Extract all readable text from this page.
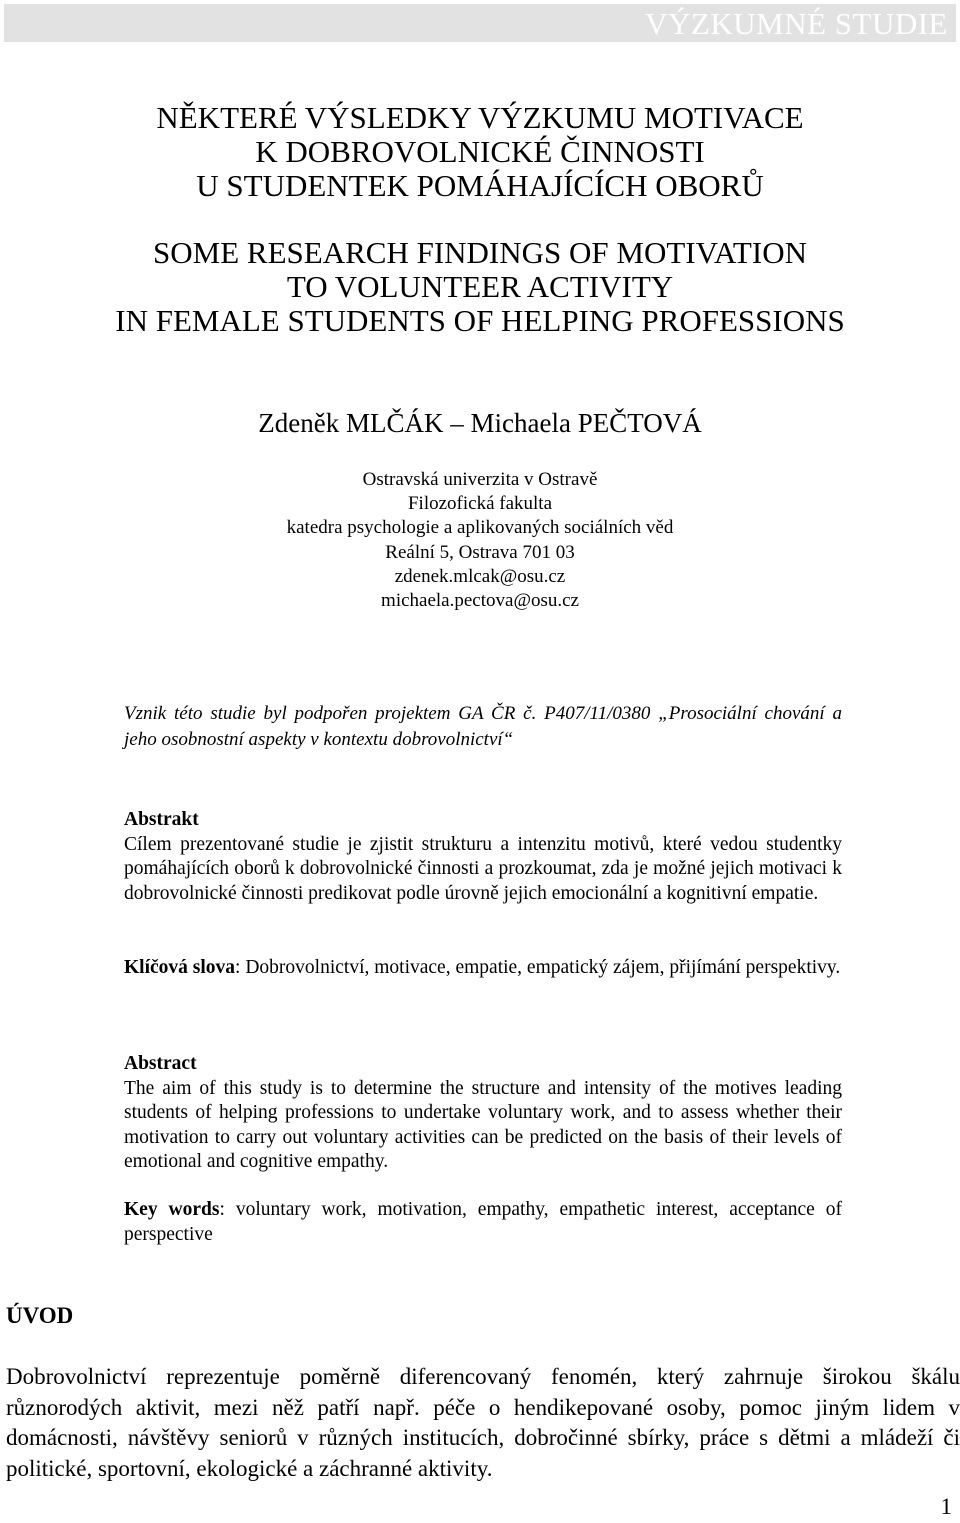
VÝZKUMNÉ STUDIE
NĚKTERÉ VÝSLEDKY VÝZKUMU MOTIVACE
K DOBROVOLNICKÉ ČINNOSTI
U STUDENTEK POMÁHAJÍCÍCH OBORŮ
SOME RESEARCH FINDINGS OF MOTIVATION
TO VOLUNTEER ACTIVITY
IN FEMALE STUDENTS OF HELPING PROFESSIONS
Zdeněk MLČÁK – Michaela PEČTOVÁ
Ostravská univerzita v Ostravě
Filozofická fakulta
katedra psychologie a aplikovaných sociálních věd
Reální 5, Ostrava 701 03
zdenek.mlcak@osu.cz
michaela.pectova@osu.cz
Vznik této studie byl podpořen projektem GA ČR č. P407/11/0380 „Prosociální chování a jeho osobnostní aspekty v kontextu dobrovolnictví“
Abstrakt
Cílem prezentované studie je zjistit strukturu a intenzitu motivů, které vedou studentky pomáhajících oborů k dobrovolnické činnosti a prozkoumat, zda je možné jejich motivaci k dobrovolnické činnosti predikovat podle úrovně jejich emocionální a kognitivní empatie.
Klíčová slova: Dobrovolnictví, motivace, empatie, empatický zájem, přijímání perspektivy.
Abstract
The aim of this study is to determine the structure and intensity of the motives leading students of helping professions to undertake voluntary work, and to assess whether their motivation to carry out voluntary activities can be predicted on the basis of their levels of emotional and cognitive empathy.
Key words: voluntary work, motivation, empathy, empathetic interest, acceptance of perspective
ÚVOD
Dobrovolnictví reprezentuje poměrně diferencovaný fenomén, který zahrnuje širokou škálu různorodých aktivit, mezi něž patří např. péče o hendikepované osoby, pomoc jiným lidem v domácnosti, návštěvy seniorů v různých institucích, dobročinné sbírky, práce s dětmi a mládeží či politické, sportovní, ekologické a záchranné aktivity.
1
